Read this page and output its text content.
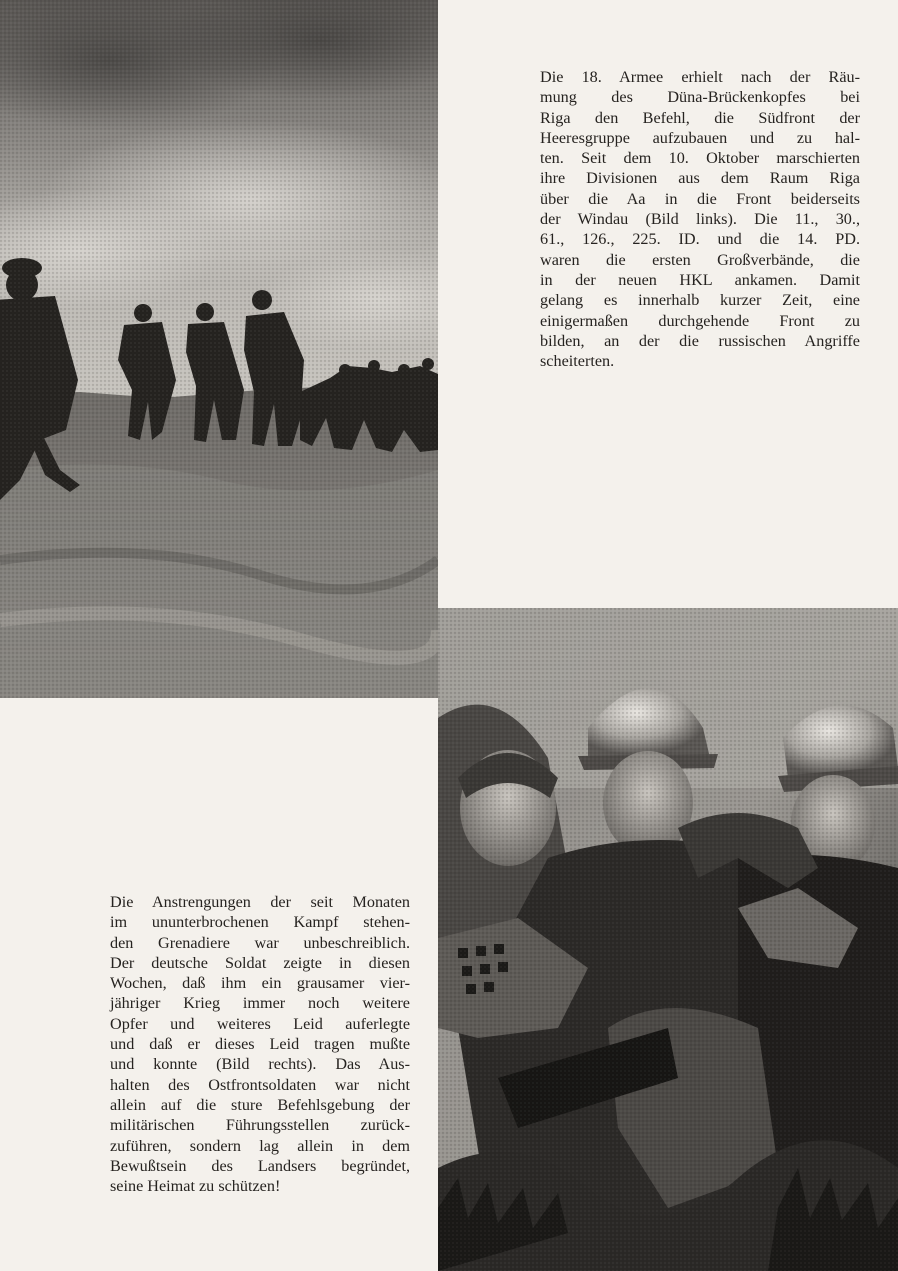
Die 18. Armee erhielt nach der Räu-
mung des Düna-Brückenkopfes bei
Riga den Befehl, die Südfront der
Heeresgruppe aufzubauen und zu hal-
ten. Seit dem 10. Oktober marschierten
ihre Divisionen aus dem Raum Riga
über die Aa in die Front beiderseits
der Windau (Bild links). Die 11., 30.,
61., 126., 225. ID. und die 14. PD.
waren die ersten Großverbände, die
in der neuen HKL ankamen. Damit
gelang es innerhalb kurzer Zeit, eine
einigermaßen durchgehende Front zu
bilden, an der die russischen Angriffe
scheiterten.
Die Anstrengungen der seit Monaten
im ununterbrochenen Kampf stehen-
den Grenadiere war unbeschreiblich.
Der deutsche Soldat zeigte in diesen
Wochen, daß ihm ein grausamer vier-
jähriger Krieg immer noch weitere
Opfer und weiteres Leid auferlegte
und daß er dieses Leid tragen mußte
und konnte (Bild rechts). Das Aus-
halten des Ostfrontsoldaten war nicht
allein auf die sture Befehlsgebung der
militärischen Führungsstellen zurück-
zuführen, sondern lag allein in dem
Bewußtsein des Landsers begründet,
seine Heimat zu schützen!
